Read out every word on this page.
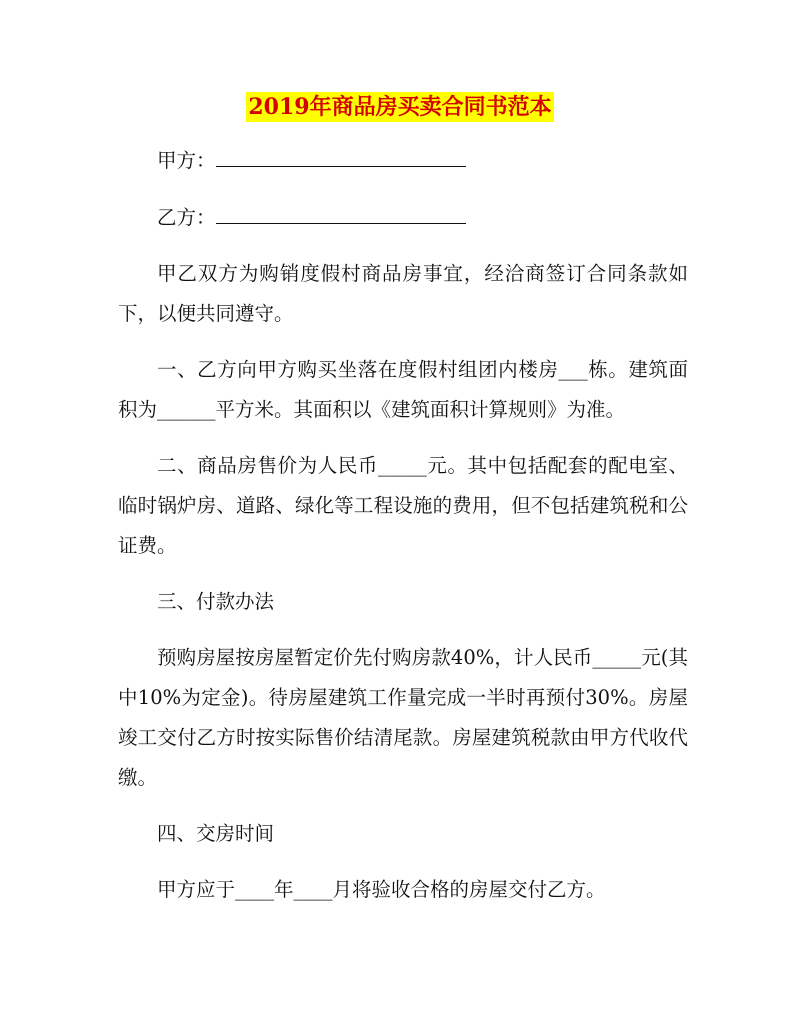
2019年商品房买卖合同书范本

甲方：

乙方：

甲乙双方为购销度假村商品房事宜，经洽商签订合同条款如下，以便共同遵守。

一、乙方向甲方购买坐落在度假村组团内楼房___栋。建筑面积为______平方米。其面积以《建筑面积计算规则》为准。

二、商品房售价为人民币_____元。其中包括配套的配电室、临时锅炉房、道路、绿化等工程设施的费用，但不包括建筑税和公证费。

三、付款办法

预购房屋按房屋暂定价先付购房款40%，计人民币_____元(其中10%为定金)。待房屋建筑工作量完成一半时再预付30%。房屋竣工交付乙方时按实际售价结清尾款。房屋建筑税款由甲方代收代缴。

四、交房时间

甲方应于____年____月将验收合格的房屋交付乙方。
